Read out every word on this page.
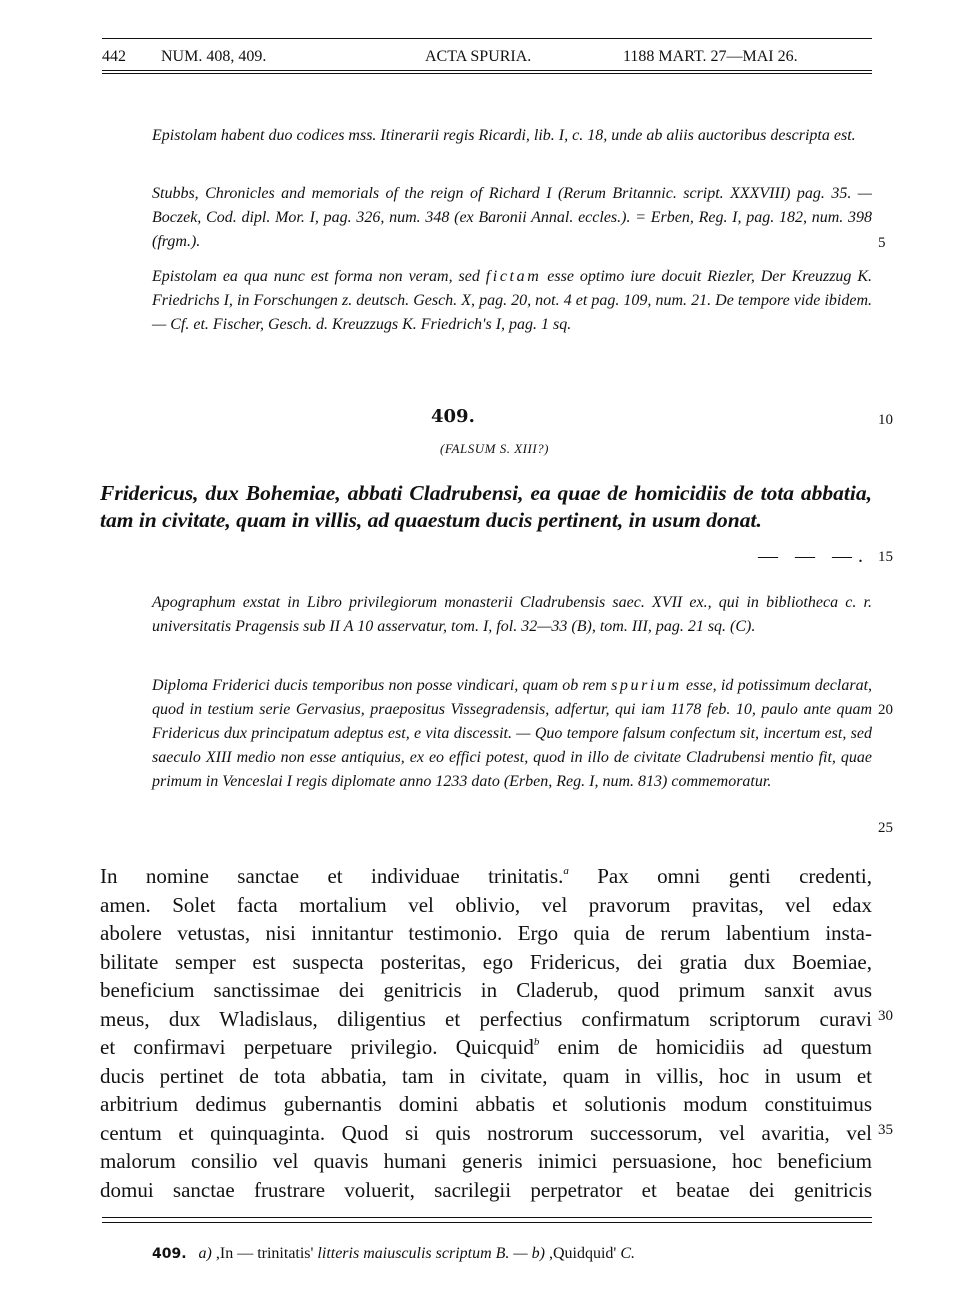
442 NUM. 408, 409.	ACTA SPURIA.	1188 MART. 27—MAI 26.

Epistolam habent duo codices mss. Itinerarii regis Ricardi, lib. I, c. 18, unde ab aliis auctoribus descripta est.

Stubbs, Chronicles and memorials of the reign of Richard I (Rerum Britannic. script. XXXVIII) pag. 35. — Boczek, Cod. dipl. Mor. I, pag. 326, num. 348 (ex Baronii Annal. eccles.). = Erben, Reg. I, pag. 182, num. 398 (frgm.).

Epistolam ea qua nunc est forma non veram, sed fictam esse optimo iure docuit Riezler, Der Kreuzzug K. Friedrichs I, in Forschungen z. deutsch. Gesch. X, pag. 20, not. 4 et pag. 109, num. 21. De tempore vide ibidem. — Cf. et. Fischer, Gesch. d. Kreuzzugs K. Friedrich's I, pag. 1 sq.

5
409.	10
(FALSUM S. XIII?)

Fridericus, dux Bohemiae, abbati Cladrubensi, ea quae de homicidiis de tota abbatia, tam in civitate, quam in villis, ad quaestum ducis pertinent, in usum donat.

— — —. 15

Apographum exstat in Libro privilegiorum monasterii Cladrubensis saec. XVII ex., qui in bibliotheca c. r. universitatis Pragensis sub II A 10 asservatur, tom. I, fol. 32—33 (B), tom. III, pag. 21 sq. (C).

Diploma Friderici ducis temporibus non posse vindicari, quam ob rem spurium esse, id potissimum declarat, quod in testium serie Gervasius, praepositus Vissegradensis, adfertur, qui iam 1178 feb. 10, paulo ante quam Fridericus dux principatum adeptus est, e vita discessit. — Quo tempore falsum confectum sit, incertum est, sed saeculo XIII medio non esse antiquius, ex eo effici potest, quod in illo de civitate Cladrubensi mentio fit, quae primum in Venceslai I regis diplomate anno 1233 dato (Erben, Reg. I, num. 813) commemoratur.

20
25
In nomine sanctae et individuae trinitatis.$^a$ Pax omni genti credenti,
amen. Solet facta mortalium vel oblivio, vel pravorum pravitas, vel edax
abolere vetustas, nisi innitantur testimonio. Ergo quia de rerum labentium insta-
bilitate semper est suspecta posteritas, ego Fridericus, dei gratia dux Boemiae,
beneficium sanctissimae dei genitricis in Claderub, quod primum sanxit avus
meus, dux Wladislaus, diligentius et perfectius confirmatum scriptorum curavi
et confirmavi perpetuare privilegio. Quicquid$^b$ enim de homicidiis ad questum
ducis pertinet de tota abbatia, tam in civitate, quam in villis, hoc in usum et
arbitrium dedimus gubernantis domini abbatis et solutionis modum constituimus
centum et quinquaginta. Quod si quis nostrorum successorum, vel avaritia, vel
malorum consilio vel quavis humani generis inimici persuasione, hoc beneficium
domui sanctae frustrare voluerit, sacrilegii perpetrator et beatae dei genitricis
30
35
409. a) ,In — trinitatis' litteris maiusculis scriptum B. — b) ,Quidquid' C.
